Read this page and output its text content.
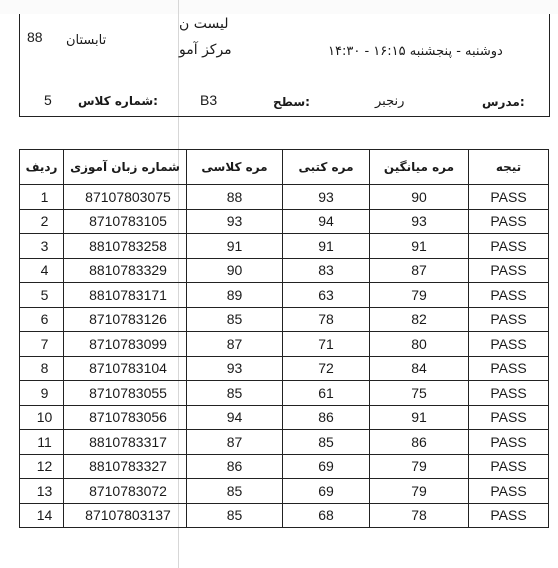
لیست ن
مرکز آمو	دوشنبه - پنجشنبه ۱۶:۱۵ - ۱۴:۳۰
تابستان
88
مدرس:
رنجبر
سطح:
B3
شماره کلاس:
5
ردیف	شماره زبان آموزی	مره کلاسی	مره کتبی	مره میانگین	تیجه
1	87107803075	88	93	90	PASS
2	8710783105	93	94	93	PASS
3	8810783258	91	91	91	PASS
4	8810783329	90	83	87	PASS
5	8810783171	89	63	79	PASS
6	8710783126	85	78	82	PASS
7	8710783099	87	71	80	PASS
8	8710783104	93	72	84	PASS
9	8710783055	85	61	75	PASS
10	8710783056	94	86	91	PASS
11	8810783317	87	85	86	PASS
12	8810783327	86	69	79	PASS
13	8710783072	85	69	79	PASS
14	87107803137	85	68	78	PASS
